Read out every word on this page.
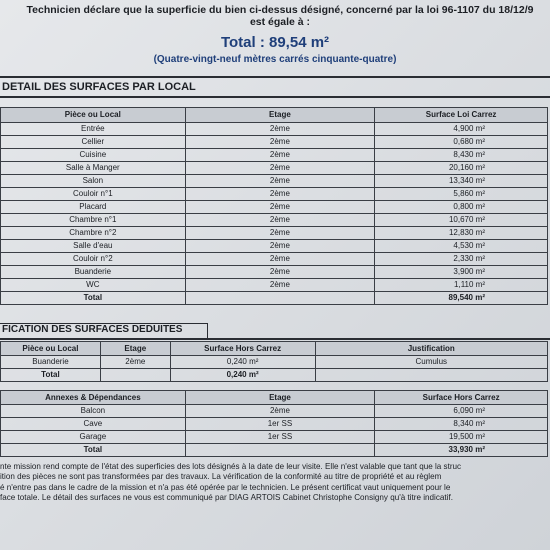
Technicien déclare que la superficie du bien ci-dessus désigné, concerné par la loi 96-1107 du 18/12/9
est égale à :
Total : 89,54 m²
(Quatre-vingt-neuf mètres carrés cinquante-quatre)
DETAIL DES SURFACES PAR LOCAL
Pièce ou Local	Etage	Surface Loi Carrez
Entrée	2ème	4,900 m²
Cellier	2ème	0,680 m²
Cuisine	2ème	8,430 m²
Salle à Manger	2ème	20,160 m²
Salon	2ème	13,340 m²
Couloir n°1	2ème	5,860 m²
Placard	2ème	0,800 m²
Chambre n°1	2ème	10,670 m²
Chambre n°2	2ème	12,830 m²
Salle d'eau	2ème	4,530 m²
Couloir n°2	2ème	2,330 m²
Buanderie	2ème	3,900 m²
WC	2ème	1,110 m²
Total		89,540 m²
FICATION DES SURFACES DEDUITES
Pièce ou Local	Etage	Surface Hors Carrez	Justification
Buanderie	2ème	0,240 m²	Cumulus
Total		0,240 m²	
Annexes & Dépendances	Etage	Surface Hors Carrez
Balcon	2ème	6,090 m²
Cave	1er SS	8,340 m²
Garage	1er SS	19,500 m²
Total		33,930 m²
nte mission rend compte de l'état des superficies des lots désignés à la date de leur visite. Elle n'est valable que tant que la struc
ition des pièces ne sont pas transformées par des travaux. La vérification de la conformité au titre de propriété et au règlem
é n'entre pas dans le cadre de la mission et n'a pas été opérée par le technicien. Le présent certificat vaut uniquement pour le
face totale. Le détail des surfaces ne vous est communiqué par DIAG ARTOIS Cabinet Christophe Consigny qu'à titre indicatif.
